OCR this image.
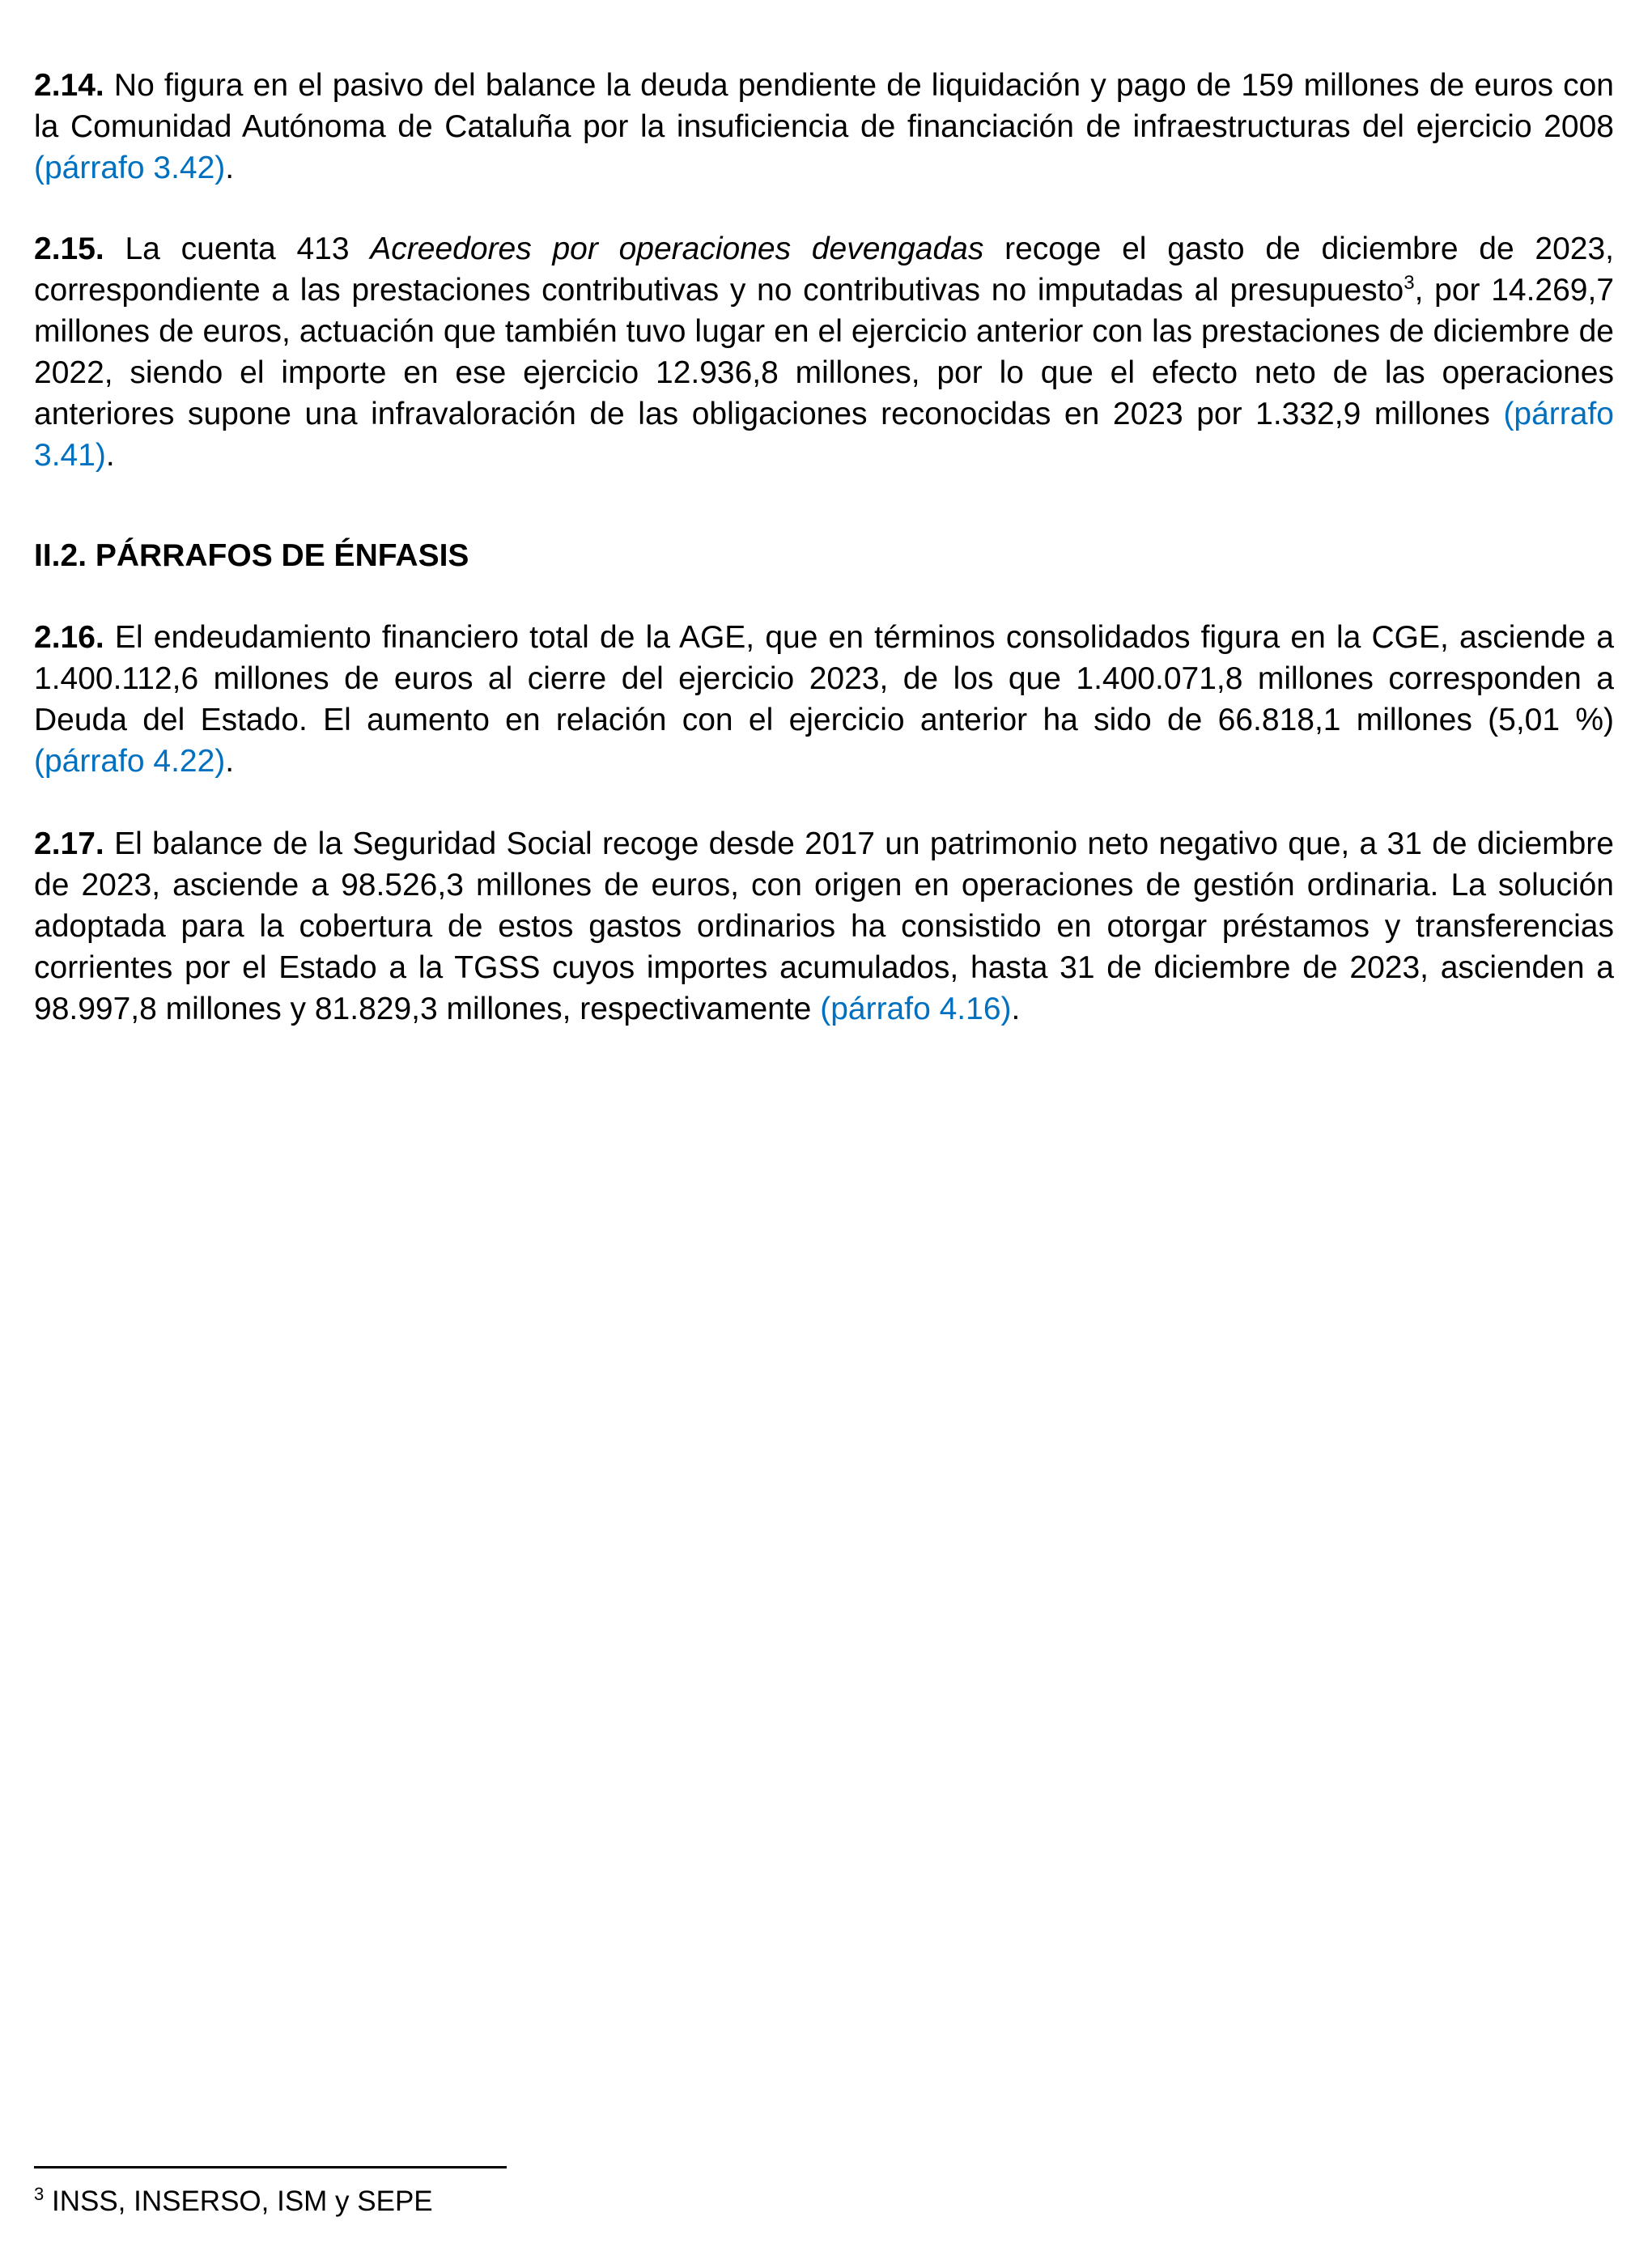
2.14. No figura en el pasivo del balance la deuda pendiente de liquidación y pago de 159 millones de euros con la Comunidad Autónoma de Cataluña por la insuficiencia de financiación de infraestructuras del ejercicio 2008 (párrafo 3.42).

2.15. La cuenta 413 Acreedores por operaciones devengadas recoge el gasto de diciembre de 2023, correspondiente a las prestaciones contributivas y no contributivas no imputadas al presupuesto$^3$, por 14.269,7 millones de euros, actuación que también tuvo lugar en el ejercicio anterior con las prestaciones de diciembre de 2022, siendo el importe en ese ejercicio 12.936,8 millones, por lo que el efecto neto de las operaciones anteriores supone una infravaloración de las obligaciones reconocidas en 2023 por 1.332,9 millones (párrafo 3.41).

II.2. PÁRRAFOS DE ÉNFASIS

2.16. El endeudamiento financiero total de la AGE, que en términos consolidados figura en la CGE, asciende a 1.400.112,6 millones de euros al cierre del ejercicio 2023, de los que 1.400.071,8 millones corresponden a Deuda del Estado. El aumento en relación con el ejercicio anterior ha sido de 66.818,1 millones (5,01 %) (párrafo 4.22).

2.17. El balance de la Seguridad Social recoge desde 2017 un patrimonio neto negativo que, a 31 de diciembre de 2023, asciende a 98.526,3 millones de euros, con origen en operaciones de gestión ordinaria. La solución adoptada para la cobertura de estos gastos ordinarios ha consistido en otorgar préstamos y transferencias corrientes por el Estado a la TGSS cuyos importes acumulados, hasta 31 de diciembre de 2023, ascienden a 98.997,8 millones y 81.829,3 millones, respectivamente (párrafo 4.16).

$^3$ INSS, INSERSO, ISM y SEPE
